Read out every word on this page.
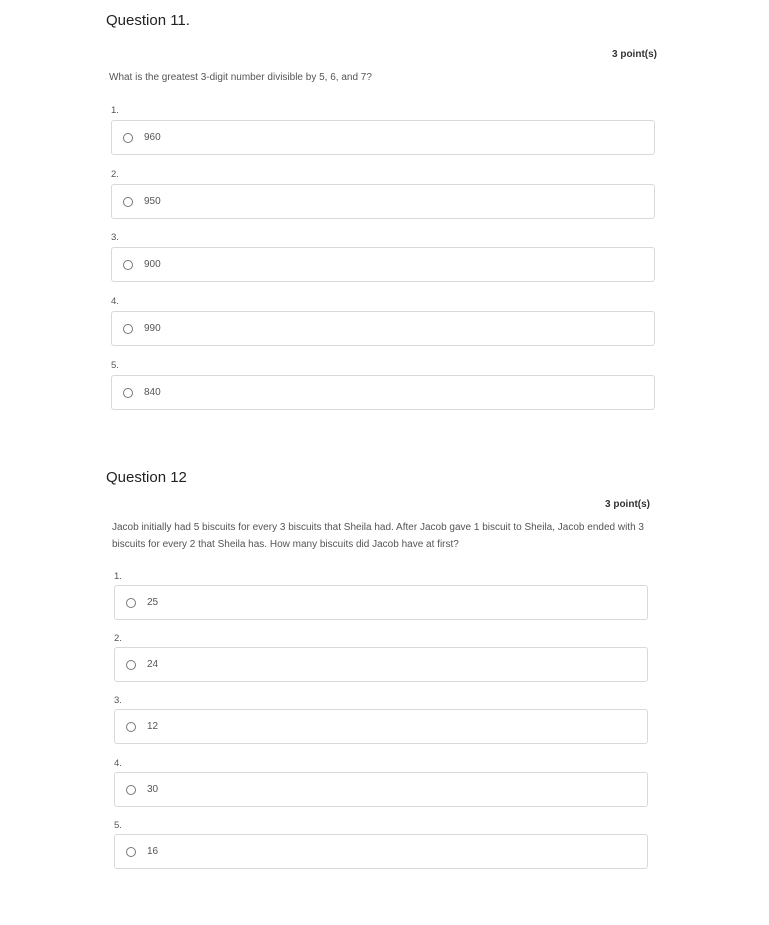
Question 11.
3 point(s)
What is the greatest 3-digit number divisible by 5, 6, and 7?
1.
960
2.
950
3.
900
4.
990
5.
840
Question 12
3 point(s)
Jacob initially had 5 biscuits for every 3 biscuits that Sheila had. After Jacob gave 1 biscuit to Sheila, Jacob ended with 3 biscuits for every 2 that Sheila has. How many biscuits did Jacob have at first?
1.
25
2.
24
3.
12
4.
30
5.
16
